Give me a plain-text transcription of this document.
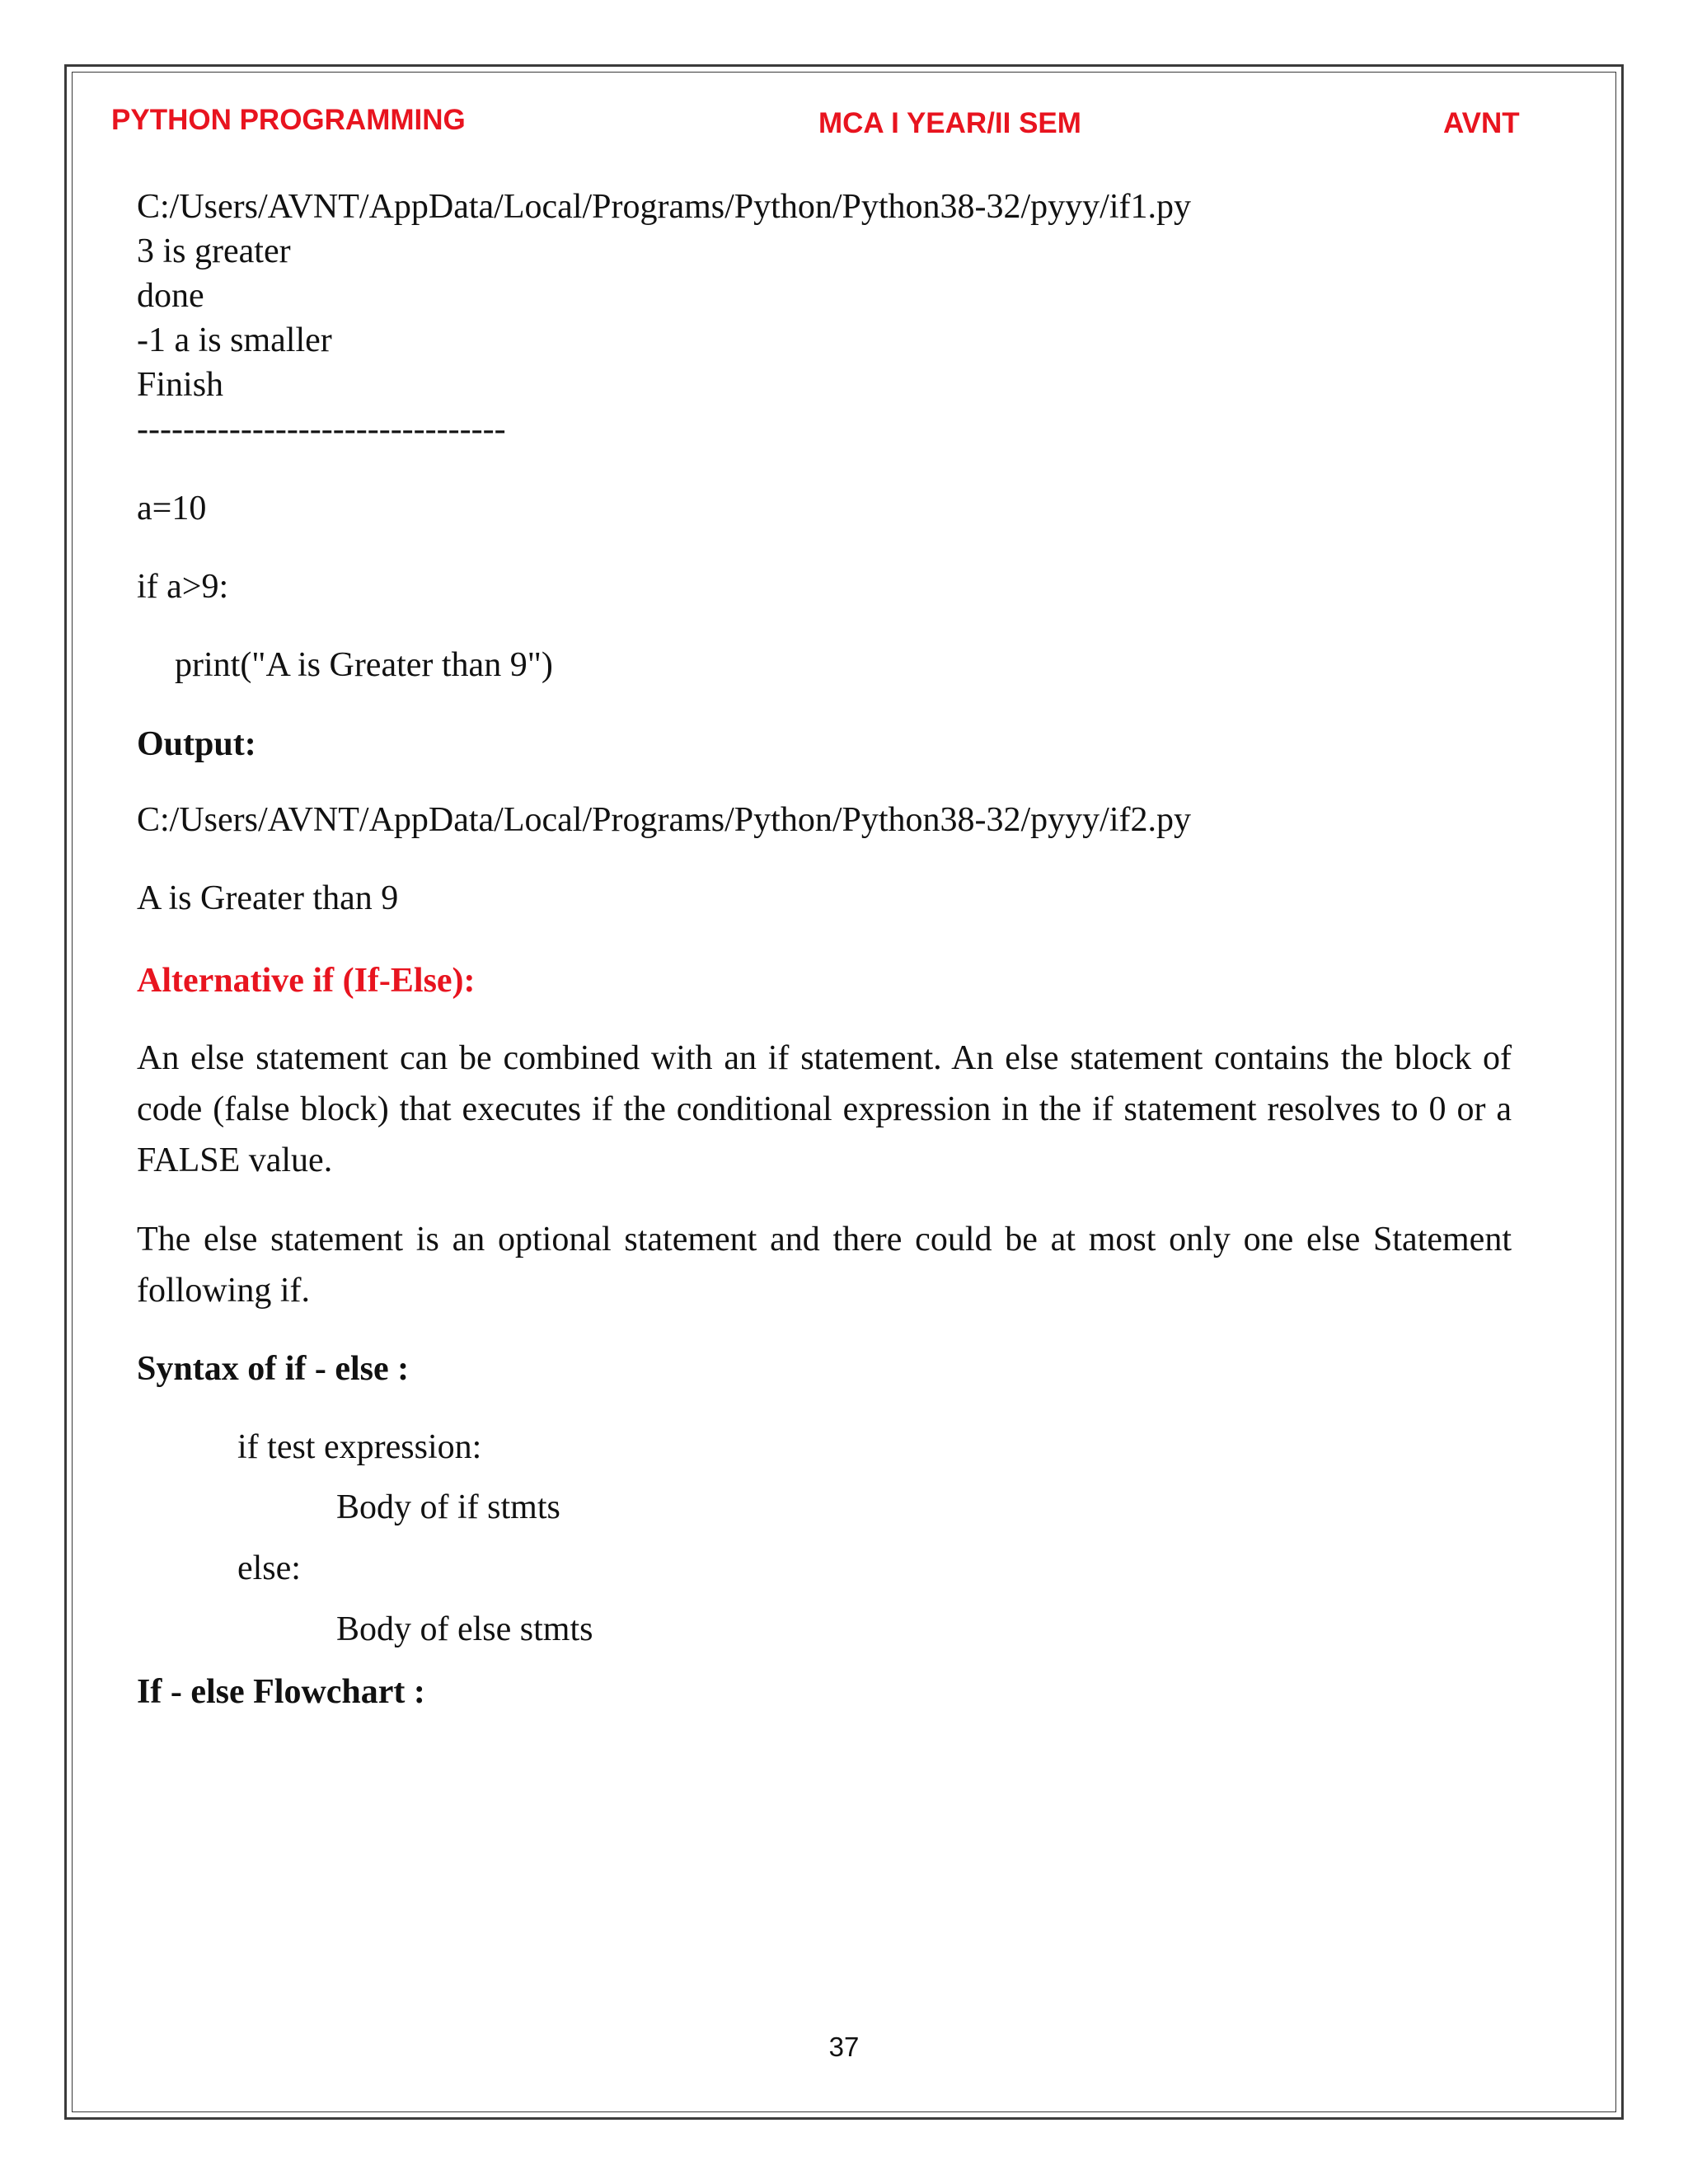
PYTHON PROGRAMMING	MCA I YEAR/II SEM	AVNT
C:/Users/AVNT/AppData/Local/Programs/Python/Python38-32/pyyy/if1.py
3 is greater
done
-1 a is smaller
Finish
--------------------------------
a=10
if a>9:
print("A is Greater than 9")
Output:
C:/Users/AVNT/AppData/Local/Programs/Python/Python38-32/pyyy/if2.py
A is Greater than 9
Alternative if (If-Else):
An else statement can be combined with an if statement. An else statement contains the block of code (false block) that executes if the conditional expression in the if statement resolves to 0 or a FALSE value.
The else statement is an optional statement and there could be at most only one else Statement following if.
Syntax of if - else :
if test expression:
Body of if stmts
else:
Body of else stmts
If - else Flowchart :
37
